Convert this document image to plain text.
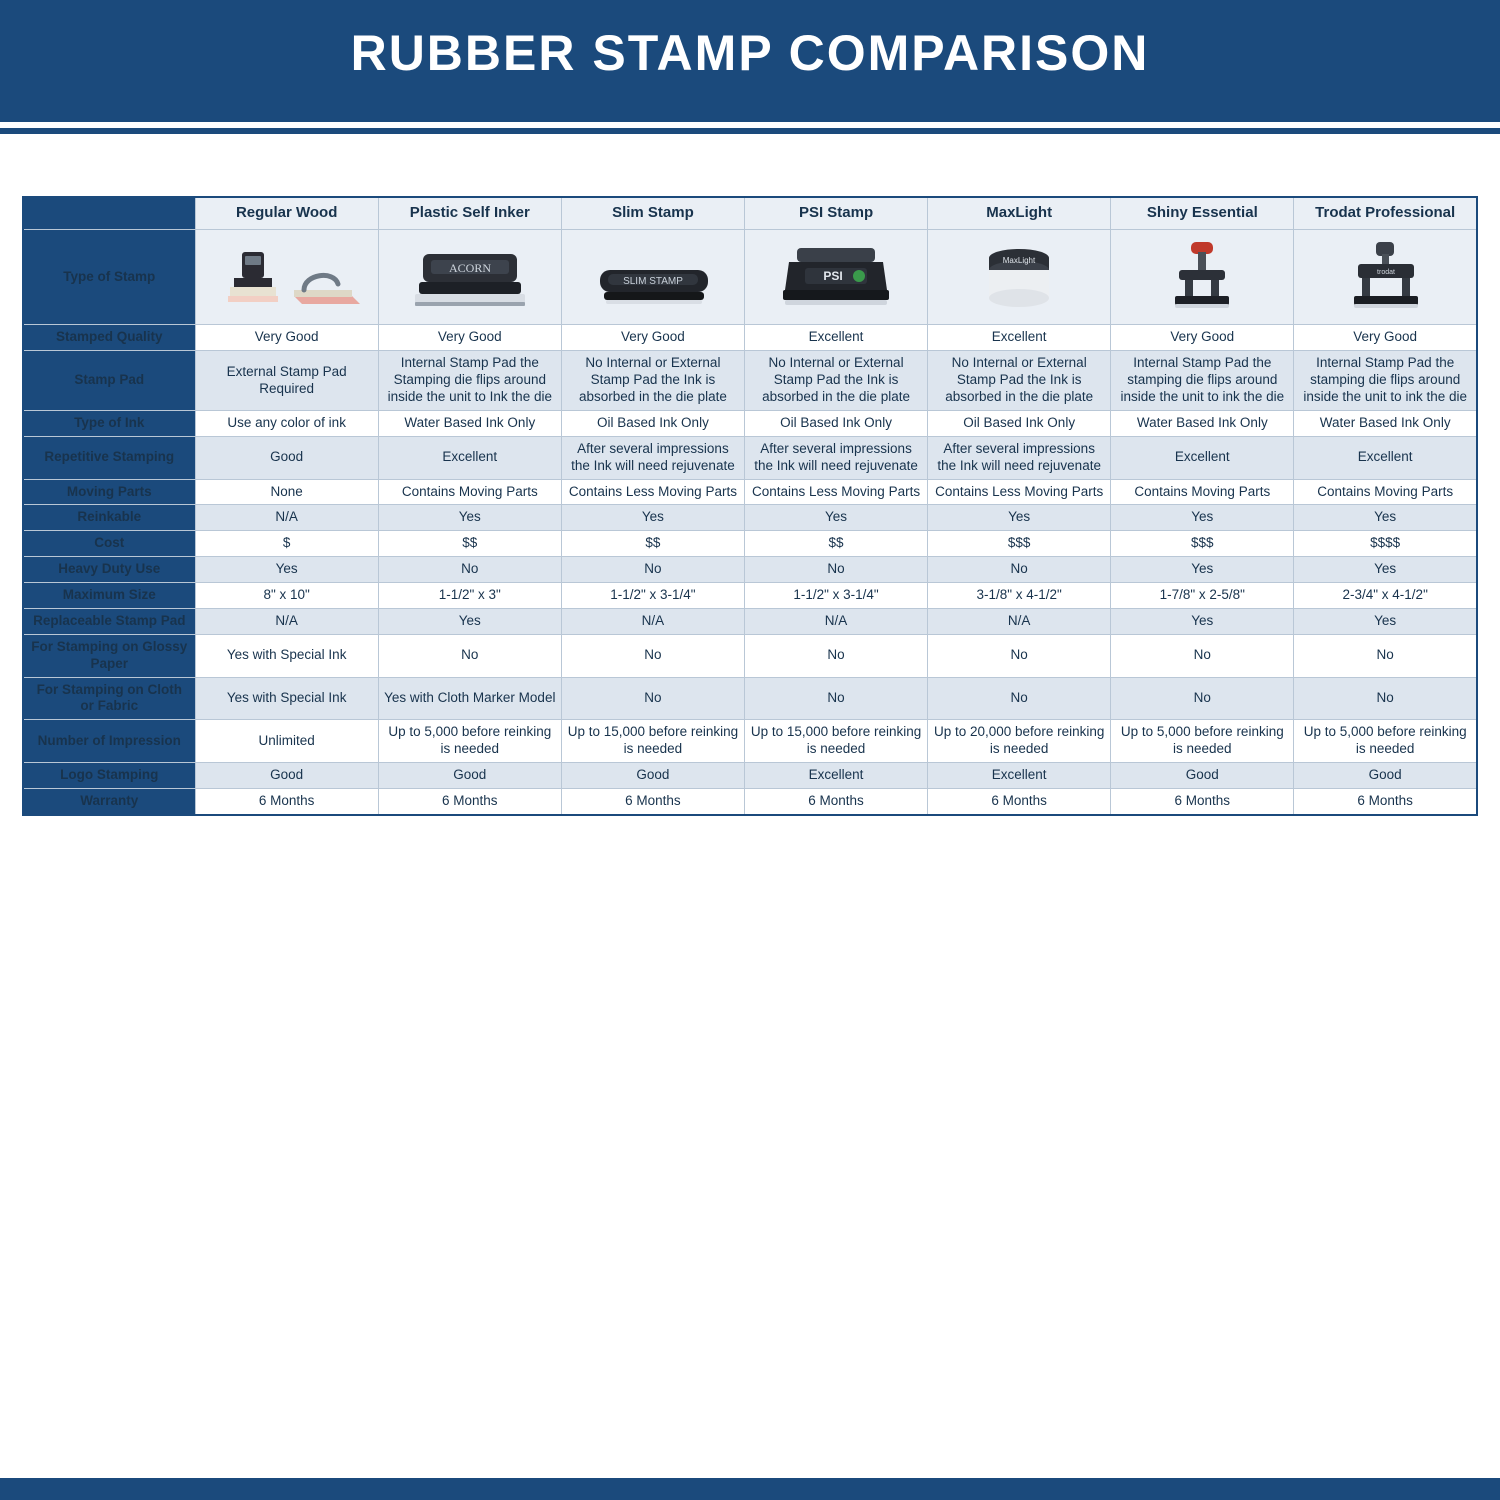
RUBBER STAMP COMPARISON
	Regular Wood	Plastic Self Inker	Slim Stamp	PSI Stamp	MaxLight	Shiny Essential	Trodat Professional
Type of Stamp		ACORN	SLIM STAMP	PSI	MaxLight		trodat

Stamped Quality	Very Good	Very Good	Very Good	Excellent	Excellent	Very Good	Very Good
Stamp Pad	External Stamp Pad Required	Internal Stamp Pad the Stamping die flips around inside the unit to Ink the die	No Internal or External Stamp Pad the Ink is absorbed in the die plate	No Internal or External Stamp Pad the Ink is absorbed in the die plate	No Internal or External Stamp Pad the Ink is absorbed in the die plate	Internal Stamp Pad the stamping die flips around inside the unit to ink the die	Internal Stamp Pad the stamping die flips around inside the unit to ink the die
Type of Ink	Use any color of ink	Water Based Ink Only	Oil Based Ink Only	Oil Based Ink Only	Oil Based Ink Only	Water Based Ink Only	Water Based Ink Only
Repetitive Stamping	Good	Excellent	After several impressions the Ink will need rejuvenate	After several impressions the Ink will need rejuvenate	After several impressions the Ink will need rejuvenate	Excellent	Excellent
Moving Parts	None	Contains Moving Parts	Contains Less Moving Parts	Contains Less Moving Parts	Contains Less Moving Parts	Contains Moving Parts	Contains Moving Parts
Reinkable	N/A	Yes	Yes	Yes	Yes	Yes	Yes
Cost	$	$$	$$	$$	$$$	$$$	$$$$
Heavy Duty Use	Yes	No	No	No	No	Yes	Yes
Maximum Size	8" x 10"	1-1/2" x 3"	1-1/2" x 3-1/4"	1-1/2" x 3-1/4"	3-1/8" x 4-1/2"	1-7/8" x 2-5/8"	2-3/4" x 4-1/2"
Replaceable Stamp Pad	N/A	Yes	N/A	N/A	N/A	Yes	Yes
For Stamping on Glossy Paper	Yes with Special Ink	No	No	No	No	No	No
For Stamping on Cloth or Fabric	Yes with Special Ink	Yes with Cloth Marker Model	No	No	No	No	No
Number of Impression	Unlimited	Up to 5,000 before reinking is needed	Up to 15,000 before reinking is needed	Up to 15,000 before reinking is needed	Up to 20,000 before reinking is needed	Up to 5,000 before reinking is needed	Up to 5,000 before reinking is needed
Logo Stamping	Good	Good	Good	Excellent	Excellent	Good	Good
Warranty	6 Months	6 Months	6 Months	6 Months	6 Months	6 Months	6 Months
